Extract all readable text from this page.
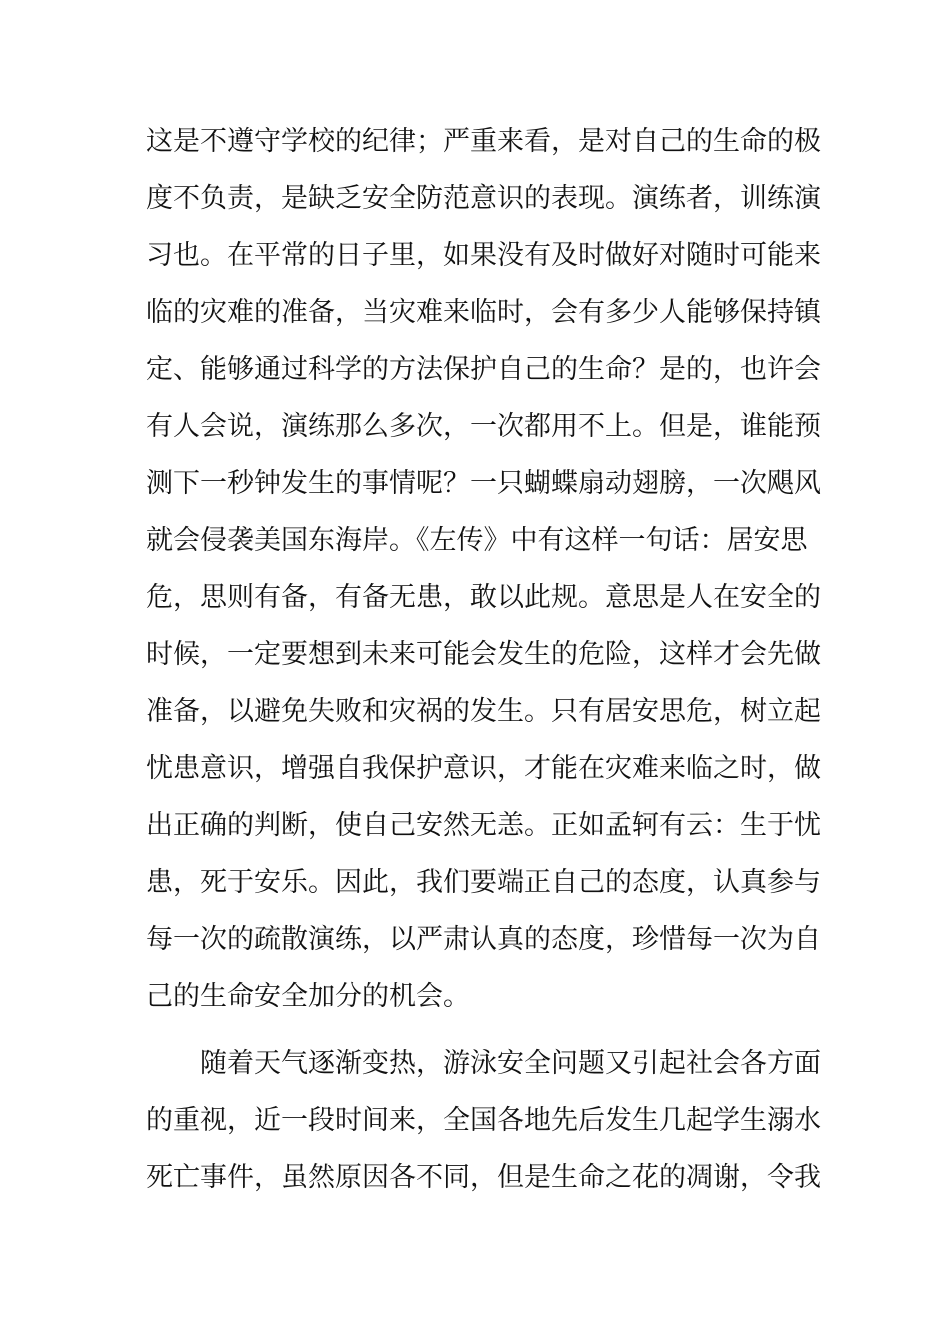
这是不遵守学校的纪律；严重来看，是对自己的生命的极
度不负责，是缺乏安全防范意识的表现。演练者，训练演
习也。在平常的日子里，如果没有及时做好对随时可能来
临的灾难的准备，当灾难来临时，会有多少人能够保持镇
定、能够通过科学的方法保护自己的生命？是的，也许会
有人会说，演练那么多次，一次都用不上。但是，谁能预
测下一秒钟发生的事情呢？一只蝴蝶扇动翅膀，一次飓风
就会侵袭美国东海岸。《左传》中有这样一句话：居安思
危，思则有备，有备无患，敢以此规。意思是人在安全的
时候，一定要想到未来可能会发生的危险，这样才会先做
准备，以避免失败和灾祸的发生。只有居安思危，树立起
忧患意识，增强自我保护意识，才能在灾难来临之时，做
出正确的判断，使自己安然无恙。正如孟轲有云：生于忧
患，死于安乐。因此，我们要端正自己的态度，认真参与
每一次的疏散演练，以严肃认真的态度，珍惜每一次为自
己的生命安全加分的机会。
随着天气逐渐变热，游泳安全问题又引起社会各方面
的重视，近一段时间来，全国各地先后发生几起学生溺水
死亡事件，虽然原因各不同，但是生命之花的凋谢，令我
